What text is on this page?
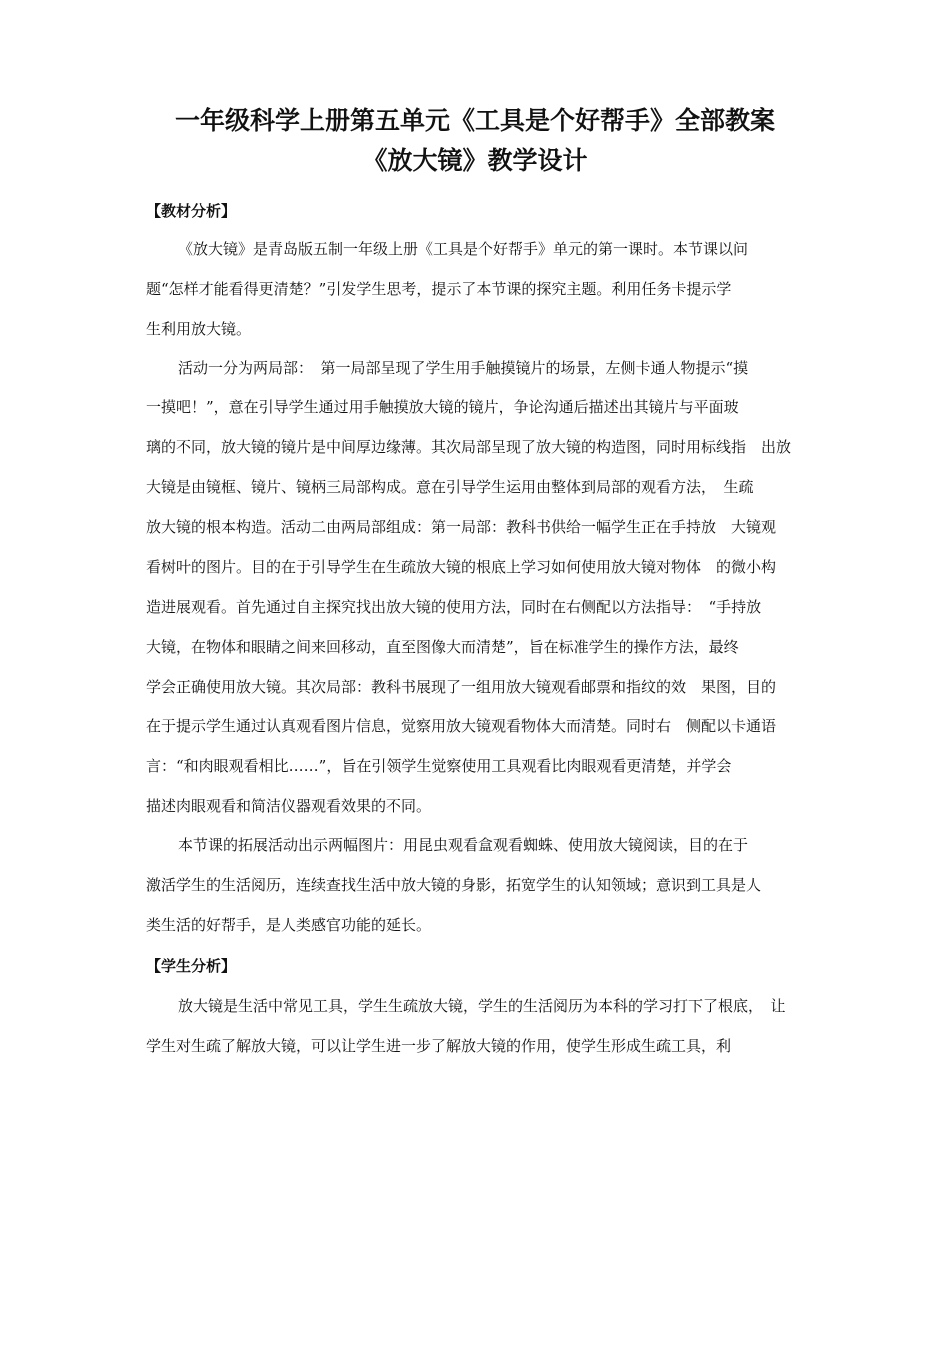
一年级科学上册第五单元《工具是个好帮手》全部教案
《放大镜》教学设计
【教材分析】
《放大镜》是青岛版五制一年级上册《工具是个好帮手》单元的第一课时。本节课以问
题“怎样才能看得更清楚？”引发学生思考，提示了本节课的探究主题。利用任务卡提示学
生利用放大镜。
活动一分为两局部：　第一局部呈现了学生用手触摸镜片的场景，左侧卡通人物提示“摸
一摸吧！”，意在引导学生通过用手触摸放大镜的镜片，争论沟通后描述出其镜片与平面玻
璃的不同，放大镜的镜片是中间厚边缘薄。其次局部呈现了放大镜的构造图，同时用标线指　出放
大镜是由镜框、镜片、镜柄三局部构成。意在引导学生运用由整体到局部的观看方法，　生疏
放大镜的根本构造。活动二由两局部组成：第一局部：教科书供给一幅学生正在手持放　大镜观
看树叶的图片。目的在于引导学生在生疏放大镜的根底上学习如何使用放大镜对物体　的微小构
造进展观看。首先通过自主探究找出放大镜的使用方法，同时在右侧配以方法指导：　“手持放
大镜，在物体和眼睛之间来回移动，直至图像大而清楚”，旨在标准学生的操作方法，最终
学会正确使用放大镜。其次局部：教科书展现了一组用放大镜观看邮票和指纹的效　果图，目的
在于提示学生通过认真观看图片信息，觉察用放大镜观看物体大而清楚。同时右　侧配以卡通语
言：“和肉眼观看相比……”，旨在引领学生觉察使用工具观看比肉眼观看更清楚，并学会
描述肉眼观看和简洁仪器观看效果的不同。
本节课的拓展活动出示两幅图片：用昆虫观看盒观看蜘蛛、使用放大镜阅读，目的在于
激活学生的生活阅历，连续查找生活中放大镜的身影，拓宽学生的认知领域；意识到工具是人
类生活的好帮手，是人类感官功能的延长。
【学生分析】
放大镜是生活中常见工具，学生生疏放大镜，学生的生活阅历为本科的学习打下了根底，　让
学生对生疏了解放大镜，可以让学生进一步了解放大镜的作用，使学生形成生疏工具，利
